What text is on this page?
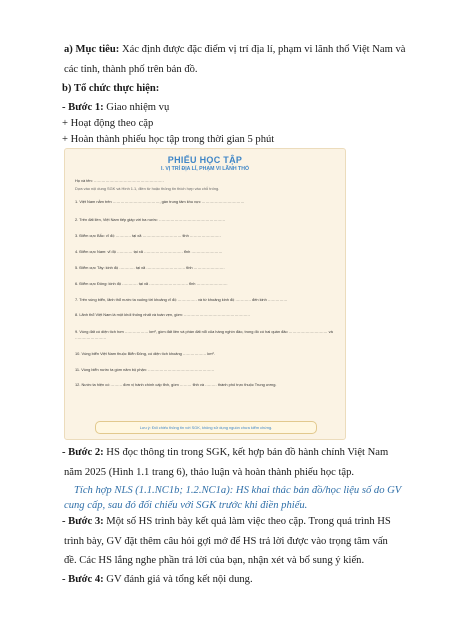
a) Mục tiêu: Xác định được đặc điểm vị trí địa lí, phạm vi lãnh thổ Việt Nam và
các tỉnh, thành phố trên bản đồ.
b) Tổ chức thực hiện:
- Bước 1: Giao nhiệm vụ
+ Hoạt động theo cặp
+ Hoàn thành phiếu học tập trong thời gian 5 phút
PHIẾU HỌC TẬP
I. VỊ TRÍ ĐỊA LÍ, PHẠM VI LÃNH THỔ
Họ và tên: ………………………………………………
Dựa vào nội dung SGK và Hình 1.1, điền từ hoặc thông tin thích hợp vào chỗ trống.
1. Việt Nam nằm trên ………………………………, gần trung tâm khu vực ……………………………
2. Trên đất liền, Việt Nam tiếp giáp với ba nước: ……………………………………………
3. Điểm cực Bắc: vĩ độ ………… tại xã ………………………… tỉnh ……………………
4. Điểm cực Nam: vĩ độ ………… tại xã ………………………… tỉnh ……………………
5. Điểm cực Tây: kinh độ ………… tại xã ………………………… tỉnh ……………………
6. Điểm cực Đông: kinh độ ………… tại xã ………………………… tỉnh ……………………
7. Trên vùng biển, lãnh thổ nước ta xuống tới khoảng vĩ độ …………… và từ khoảng kinh độ ………… đến kinh ……………
8. Lãnh thổ Việt Nam là một khối thống nhất và toàn vẹn, gồm: ……………………………………………
9. Vùng đất có diện tích hơn ……………… km², gồm đất liền và phần đất nổi của hàng nghìn đảo, trong đó có hai quần đảo ………………………… và ……………………
10. Vùng biển Việt Nam thuộc Biển Đông, có diện tích khoảng ……………… km².
11. Vùng biển nước ta gồm năm bộ phận: ……………………………………………
12. Nước ta hiện có ……… đơn vị hành chính cấp tỉnh, gồm ……… tỉnh và ……… thành phố trực thuộc Trung ương.
Lưu ý: Đối chiếu thông tin với SGK, không sử dụng nguồn chưa kiểm chứng.
- Bước 2: HS đọc thông tin trong SGK, kết hợp bản đồ hành chính Việt Nam
năm 2025 (Hình 1.1 trang 6), thảo luận và hoàn thành phiếu học tập.
Tích hợp NLS (1.1.NC1b; 1.2.NC1a): HS khai thác bản đồ/học liệu số do GV
cung cấp, sau đó đối chiếu với SGK trước khi điền phiếu.
- Bước 3: Một số HS trình bày kết quả làm việc theo cặp. Trong quá trình HS
trình bày, GV đặt thêm câu hỏi gợi mở để HS trả lời được vào trọng tâm vấn
đề. Các HS lắng nghe phần trả lời của bạn, nhận xét và bổ sung ý kiến.
- Bước 4: GV đánh giá và tổng kết nội dung.
